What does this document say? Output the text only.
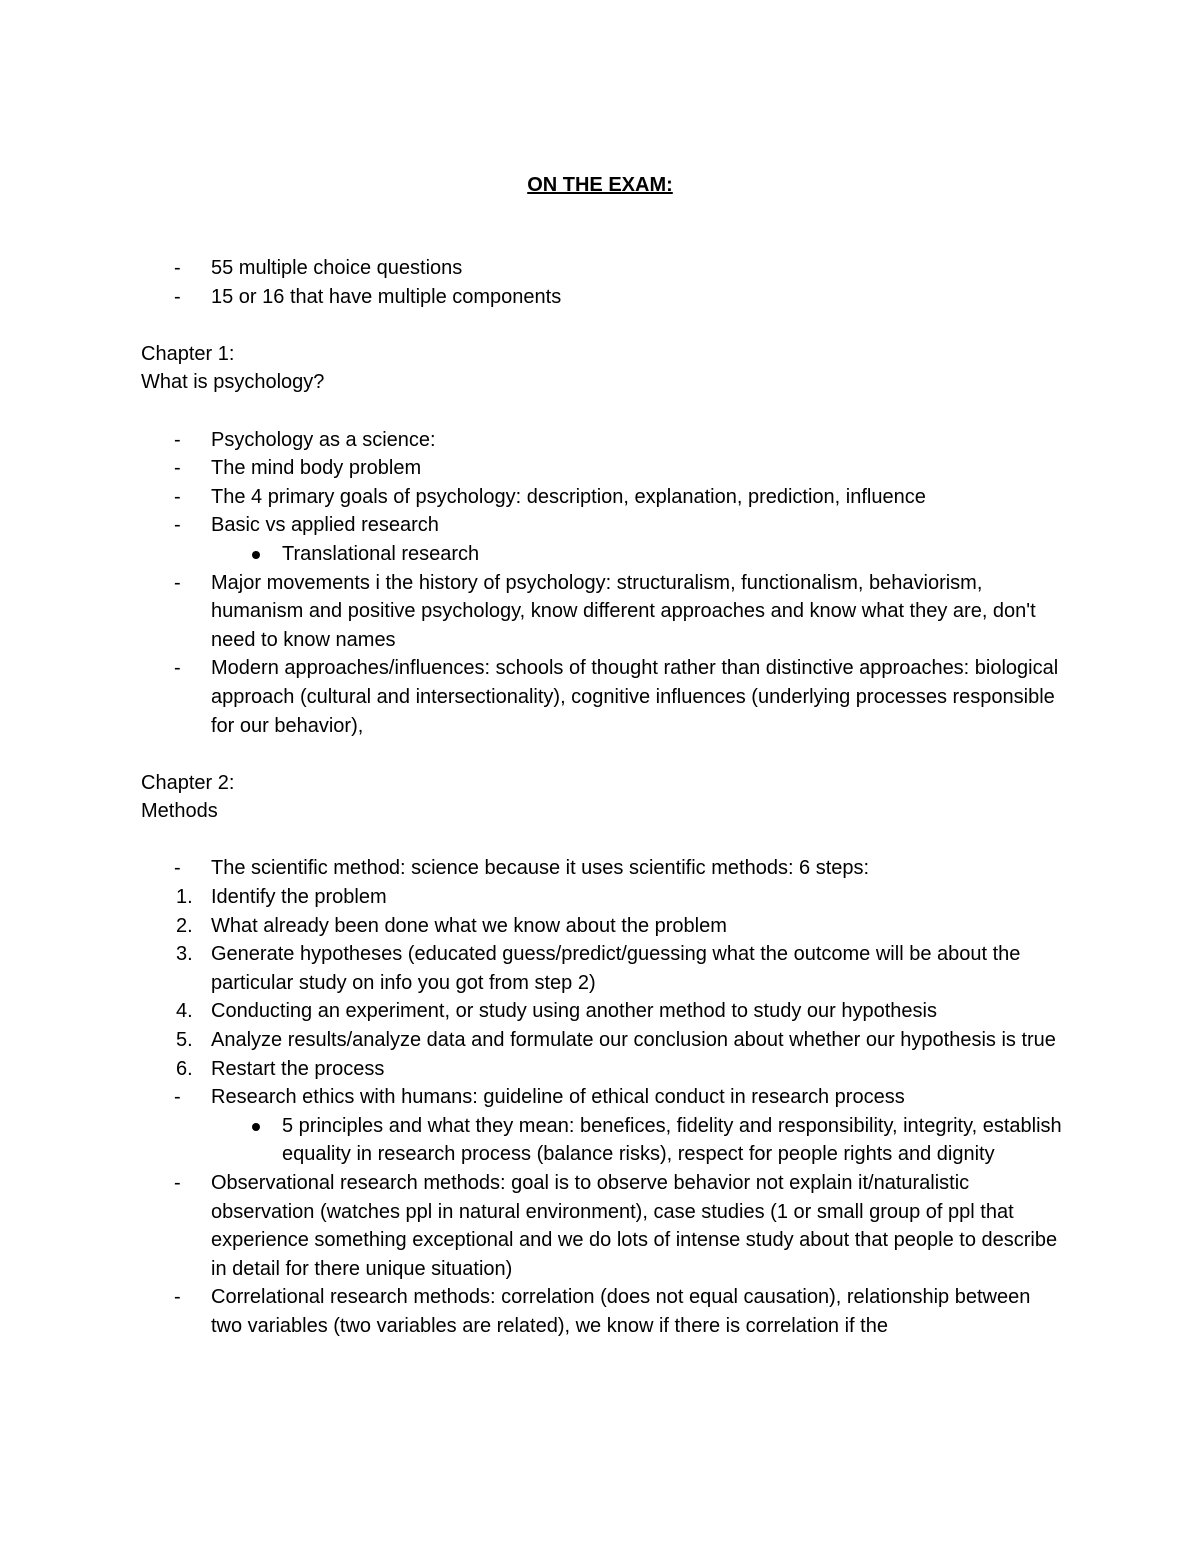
ON THE EXAM:
- 55 multiple choice questions
- 15 or 16 that have multiple components
Chapter 1:
What is psychology?
- Psychology as a science:
- The mind body problem
- The 4 primary goals of psychology: description, explanation, prediction, influence
- Basic vs applied research
Translational research
- Major movements i the history of psychology: structuralism, functionalism, behaviorism, humanism and positive psychology, know different approaches and know what they are, don't need to know names
- Modern approaches/influences: schools of thought rather than distinctive approaches: biological approach (cultural and intersectionality), cognitive influences (underlying processes responsible for our behavior),
Chapter 2:
Methods
- The scientific method: science because it uses scientific methods: 6 steps:
1. Identify the problem
2. What already been done what we know about the problem
3. Generate hypotheses (educated guess/predict/guessing what the outcome will be about the particular study on info you got from step 2)
4. Conducting an experiment, or study using another method to study our hypothesis
5. Analyze results/analyze data and formulate our conclusion about whether our hypothesis is true
6. Restart the process
- Research ethics with humans: guideline of ethical conduct in research process
5 principles and what they mean: benefices, fidelity and responsibility, integrity, establish equality in research process (balance risks), respect for people rights and dignity
- Observational research methods: goal is to observe behavior not explain it/naturalistic observation (watches ppl in natural environment), case studies (1 or small group of ppl that experience something exceptional and we do lots of intense study about that people to describe in detail for there unique situation)
- Correlational research methods: correlation (does not equal causation), relationship between two variables (two variables are related), we know if there is correlation if the
